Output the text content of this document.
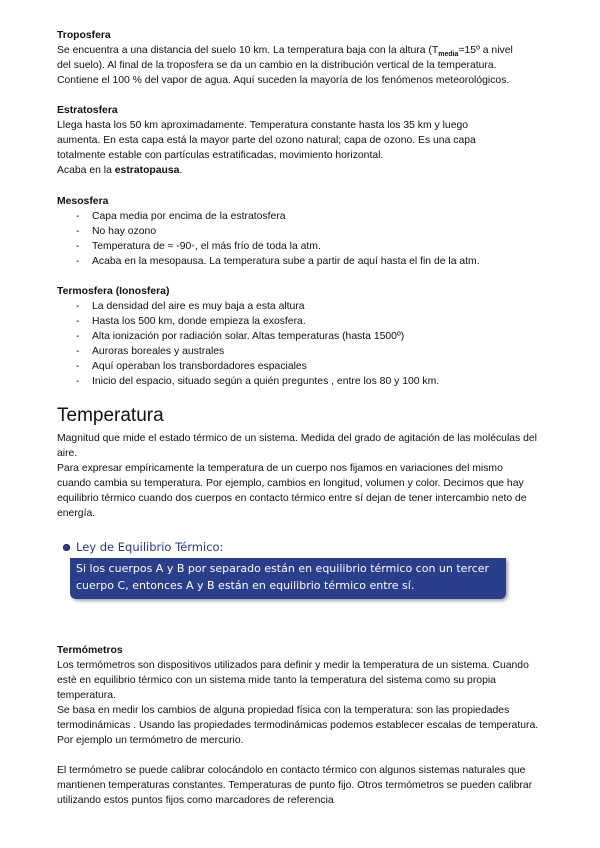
Troposfera

Se encuentra a una distancia del suelo 10 km. La temperatura baja con la altura ($T_{media}=15º$ a nivel

del suelo). Al final de la troposfera se da un cambio en la distribución vertical de la temperatura.

Contiene el 100 % del vapor de agua. Aquí suceden la mayoría de los fenómenos meteorológicos.

Estratosfera

Llega hasta los 50 km aproximadamente. Temperatura constante hasta los 35 km y luego aumenta. En esta capa está la mayor parte del ozono natural; capa de ozono. Es una capa totalmente estable con partículas estratificadas, movimiento horizontal.

Acaba en la estratopausa.

Mesosfera

- Capa media por encima de la estratosfera
- No hay ozono
- Temperatura de ≈ -90◦, el más frío de toda la atm.
- Acaba en la mesopausa. La temperatura sube a partir de aquí hasta el fin de la atm.

Termosfera (Ionosfera)

- La densidad del aire es muy baja a esta altura
- Hasta los 500 km, donde empieza la exosfera.
- Alta ionización por radiación solar. Altas temperaturas (hasta 1500º)
- Auroras boreales y australes
- Aquí operaban los transbordadores espaciales
- Inicio del espacio, situado según a quién preguntes , entre los 80 y 100 km.
Temperatura

Magnitud que mide el estado térmico de un sistema. Medida del grado de agitación de las moléculas del aire.

Para expresar empíricamente la temperatura de un cuerpo nos fijamos en variaciones del mismo cuando cambia su temperatura. Por ejemplo, cambios en longitud, volumen y color. Decimos que hay equilibrio térmico cuando dos cuerpos en contacto térmico entre sí dejan de tener intercambio neto de energía.

Ley de Equilibrio Térmico:

Si los cuerpos A y B por separado están en equilibrio térmico con un tercer

cuerpo C, entonces A y B están en equilibrio térmico entre sí.

Termómetros

Los termómetros son dispositivos utilizados para definir y medir la temperatura de un sistema. Cuando estè en equilibrio térmico con un sistema mide tanto la temperatura del sistema como su propia temperatura.

Se basa en medir los cambios de alguna propiedad física con la temperatura: son las propiedades termodinámicas . Usando las propiedades termodinámicas podemos establecer escalas de temperatura. Por ejemplo un termómetro de mercurio.

El termómetro se puede calibrar colocándolo en contacto térmico con algunos sistemas naturales que mantienen temperaturas constantes. Temperaturas de punto fijo. Otros termómetros se pueden calibrar utilizando estos puntos fijos como marcadores de referencia
